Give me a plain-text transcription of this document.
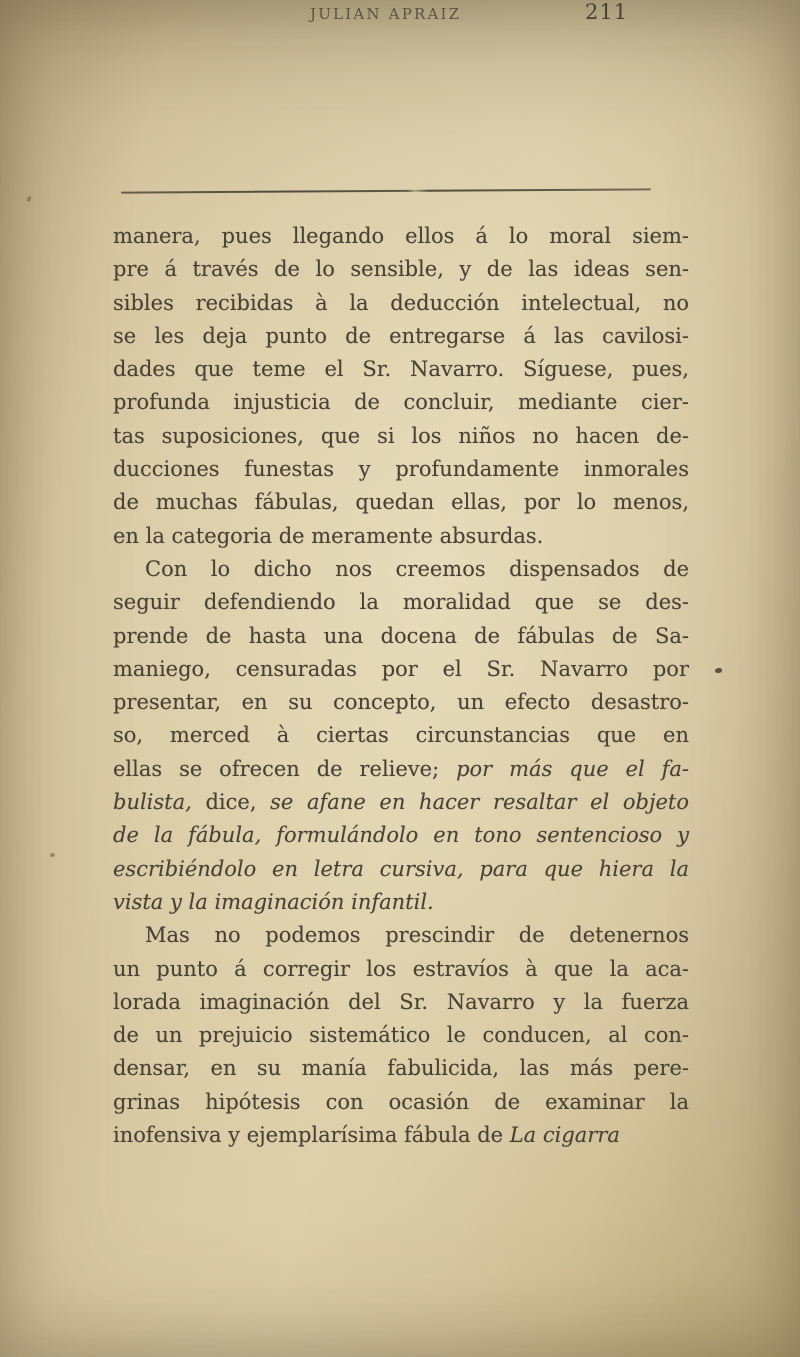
JULIAN APRAIZ	211
manera, pues llegando ellos á lo moral siem-
pre á través de lo sensible, y de las ideas sen-
sibles recibidas à la deducción intelectual, no
se les deja punto de entregarse á las cavilosi-
dades que teme el Sr. Navarro. Síguese, pues,
profunda injusticia de concluir, mediante cier-
tas suposiciones, que si los niños no hacen de-
ducciones funestas y profundamente inmorales
de muchas fábulas, quedan ellas, por lo menos,
en la categoria de meramente absurdas.
Con lo dicho nos creemos dispensados de
seguir defendiendo la moralidad que se des-
prende de hasta una docena de fábulas de Sa-
maniego, censuradas por el Sr. Navarro por
presentar, en su concepto, un efecto desastro-
so, merced à ciertas circunstancias que en
ellas se ofrecen de relieve; por más que el fa-
bulista, dice, se afane en hacer resaltar el objeto
de la fábula, formulándolo en tono sentencioso y
escribiéndolo en letra cursiva, para que hiera la
vista y la imaginación infantil.
Mas no podemos prescindir de detenernos
un punto á corregir los estravíos à que la aca-
lorada imaginación del Sr. Navarro y la fuerza
de un prejuicio sistemático le conducen, al con-
densar, en su manía fabulicida, las más pere-
grinas hipótesis con ocasión de examinar la
inofensiva y ejemplarísima fábula de La cigarra
